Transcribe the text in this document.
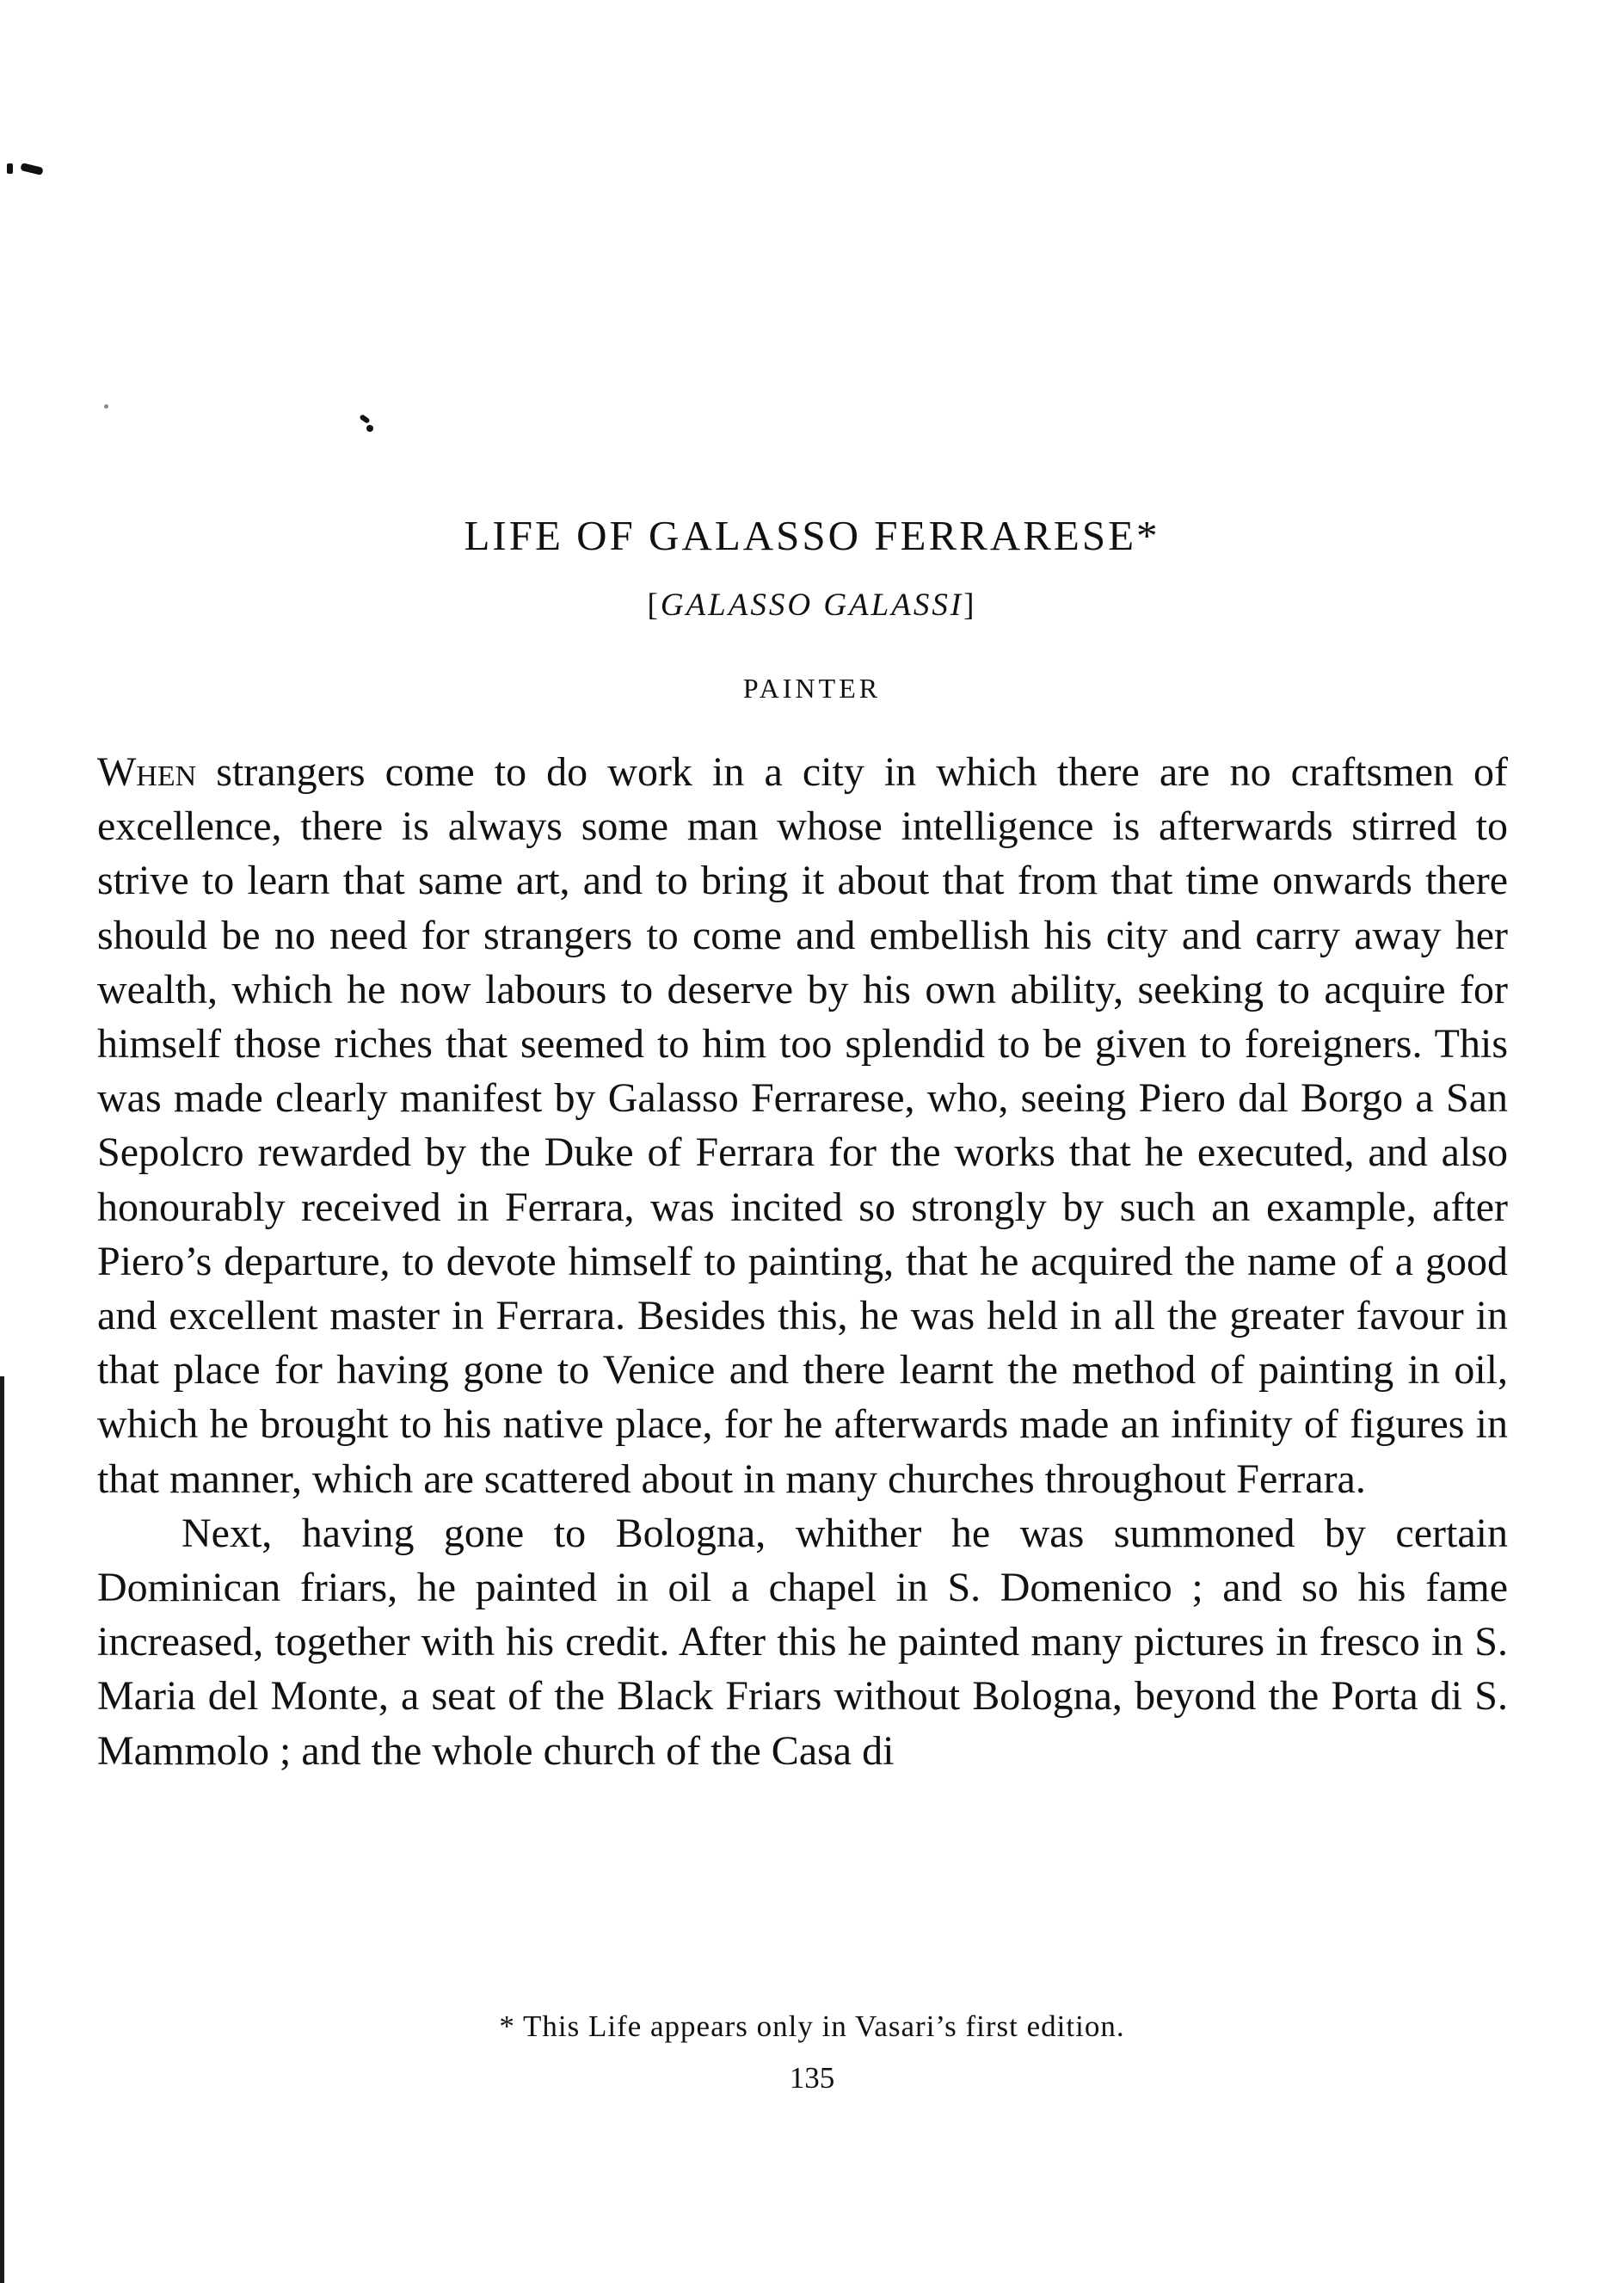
LIFE OF GALASSO FERRARESE*
[GALASSO GALASSI]
PAINTER

When strangers come to do work in a city in which there are no craftsmen of excellence, there is always some man whose intelligence is afterwards stirred to strive to learn that same art, and to bring it about that from that time onwards there should be no need for strangers to come and embellish his city and carry away her wealth, which he now labours to deserve by his own ability, seeking to acquire for himself those riches that seemed to him too splendid to be given to foreigners. This was made clearly manifest by Galasso Ferrarese, who, seeing Piero dal Borgo a San Sepolcro rewarded by the Duke of Ferrara for the works that he executed, and also honourably received in Ferrara, was incited so strongly by such an example, after Piero’s departure, to devote himself to painting, that he acquired the name of a good and excellent master in Ferrara. Besides this, he was held in all the greater favour in that place for having gone to Venice and there learnt the method of painting in oil, which he brought to his native place, for he afterwards made an infinity of figures in that manner, which are scattered about in many churches throughout Ferrara.

Next, having gone to Bologna, whither he was summoned by certain Dominican friars, he painted in oil a chapel in S. Domenico ; and so his fame increased, together with his credit. After this he painted many pictures in fresco in S. Maria del Monte, a seat of the Black Friars without Bologna, beyond the Porta di S. Mammolo ; and the whole church of the Casa di

* This Life appears only in Vasari’s first edition.
135
